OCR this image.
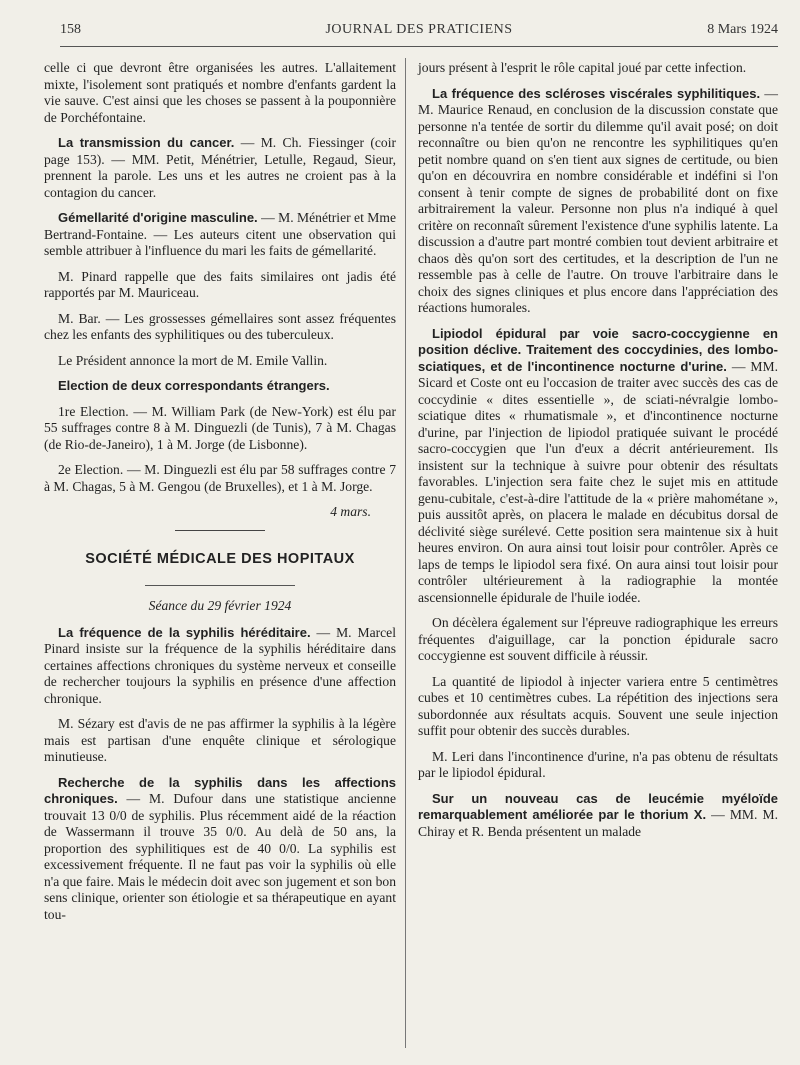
158	JOURNAL DES PRATICIENS	8 Mars 1924

celle ci que devront être organisées les autres. L'allaitement mixte, l'isolement sont pratiqués et nombre d'enfants gardent la vie sauve. C'est ainsi que les choses se passent à la pouponnière de Porchéfontaine.

La transmission du cancer. — M. Ch. Fiessinger (coir page 153). — MM. Petit, Ménétrier, Letulle, Regaud, Sieur, prennent la parole. Les uns et les autres ne croient pas à la contagion du cancer.

Gémellarité d'origine masculine. — M. Ménétrier et Mme Bertrand-Fontaine. — Les auteurs citent une observation qui semble attribuer à l'influence du mari les faits de gémellarité.

M. Pinard rappelle que des faits similaires ont jadis été rapportés par M. Mauriceau.

M. Bar. — Les grossesses gémellaires sont assez fréquentes chez les enfants des syphilitiques ou des tuberculeux.

Le Président annonce la mort de M. Emile Vallin.

Election de deux correspondants étrangers.

1re Election. — M. William Park (de New-York) est élu par 55 suffrages contre 8 à M. Dinguezli (de Tunis), 7 à M. Chagas (de Rio-de-Janeiro), 1 à M. Jorge (de Lisbonne).

2e Election. — M. Dinguezli est élu par 58 suffrages contre 7 à M. Chagas, 5 à M. Gengou (de Bruxelles), et 1 à M. Jorge.

4 mars.

SOCIÉTÉ MÉDICALE DES HOPITAUX
Séance du 29 février 1924

La fréquence de la syphilis héréditaire. — M. Marcel Pinard insiste sur la fréquence de la syphilis héréditaire dans certaines affections chroniques du système nerveux et conseille de rechercher toujours la syphilis en présence d'une affection chronique.

M. Sézary est d'avis de ne pas affirmer la syphilis à la légère mais est partisan d'une enquête clinique et sérologique minutieuse.

Recherche de la syphilis dans les affections chroniques. — M. Dufour dans une statistique ancienne trouvait 13 0/0 de syphilis. Plus récemment aidé de la réaction de Wassermann il trouve 35 0/0. Au delà de 50 ans, la proportion des syphilitiques est de 40 0/0. La syphilis est excessivement fréquente. Il ne faut pas voir la syphilis où elle n'a que faire. Mais le médecin doit avec son jugement et son bon sens clinique, orienter son étiologie et sa thérapeutique en ayant tou-

jours présent à l'esprit le rôle capital joué par cette infection.

La fréquence des scléroses viscérales syphilitiques. — M. Maurice Renaud, en conclusion de la discussion constate que personne n'a tentée de sortir du dilemme qu'il avait posé; on doit reconnaître ou bien qu'on ne rencontre les syphilitiques qu'en petit nombre quand on s'en tient aux signes de certitude, ou bien qu'on en découvrira en nombre considérable et indéfini si l'on consent à tenir compte de signes de probabilité dont on fixe arbitrairement la valeur. Personne non plus n'a indiqué à quel critère on reconnaît sûrement l'existence d'une syphilis latente. La discussion a d'autre part montré combien tout devient arbitraire et chaos dès qu'on sort des certitudes, et la description de l'un ne ressemble pas à celle de l'autre. On trouve l'arbitraire dans le choix des signes cliniques et plus encore dans l'appréciation des réactions humorales.

Lipiodol épidural par voie sacro-coccygienne en position déclive. Traitement des coccydinies, des lombo-sciatiques, et de l'incontinence nocturne d'urine. — MM. Sicard et Coste ont eu l'occasion de traiter avec succès des cas de coccydinie « dites essentielle », de sciati-névralgie lombo-sciatique dites « rhumatismale », et d'incontinence nocturne d'urine, par l'injection de lipiodol pratiquée suivant le procédé sacro-coccygien que l'un d'eux a décrit antérieurement. Ils insistent sur la technique à suivre pour obtenir des résultats favorables. L'injection sera faite chez le sujet mis en attitude genu-cubitale, c'est-à-dire l'attitude de la « prière mahométane », puis aussitôt après, on placera le malade en décubitus dorsal de déclivité siège surélevé. Cette position sera maintenue six à huit heures environ. On aura ainsi tout loisir pour contrôler. Après ce laps de temps le lipiodol sera fixé. On aura ainsi tout loisir pour contrôler ultérieurement à la radiographie la montée ascensionnelle épidurale de l'huile iodée.

On décèlera également sur l'épreuve radiographique les erreurs fréquentes d'aiguillage, car la ponction épidurale sacro coccygienne est souvent difficile à réussir.

La quantité de lipiodol à injecter variera entre 5 centimètres cubes et 10 centimètres cubes. La répétition des injections sera subordonnée aux résultats acquis. Souvent une seule injection suffit pour obtenir des succès durables.

M. Leri dans l'incontinence d'urine, n'a pas obtenu de résultats par le lipiodol épidural.

Sur un nouveau cas de leucémie myéloïde remarquablement améliorée par le thorium X. — MM. M. Chiray et R. Benda présentent un malade
